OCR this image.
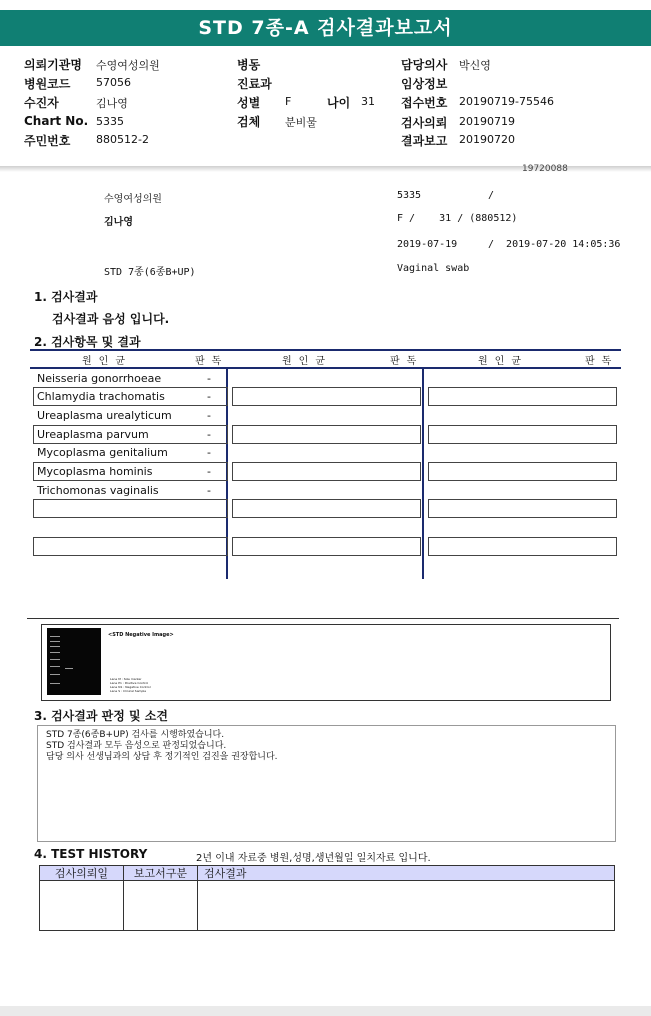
STD 7종-A 검사결과보고서
의뢰기관명 수영여성의원
병원코드 57056
수진자	김나영
Chart No. 5335
주민번호 880512-2
병동
진료과
성별 F	나이 31
검체 분비물
담당의사 박신영
임상정보
접수번호 20190719-75546
검사의뢰 20190719
결과보고 20190720
19720088
수영여성의원	5335	/
김나영	F /    31 / (880512)
2019-07-19	/  2019-07-20 14:05:36
STD 7종(6종B+UP)	Vaginal swab
1. 검사결과
검사결과 음성 입니다.
2. 검사항목 및 결과
원인균	판독	원인균	판독	원인균	판독
Neisseria gonorrhoeae	-
Chlamydia trachomatis	-
Ureaplasma urealyticum	-
Ureaplasma parvum	-
Mycoplasma genitalium	-
Mycoplasma hominis	-
Trichomonas vaginalis	-
<STD Negative Image>
Lane M : Size marker
Lane P1 : Positive Control
Lane N1 : Negative Control
Lane S : Clinical Sample
3. 검사결과 판정 및 소견
STD 7종(6종B+UP) 검사를 시행하였습니다.
STD 검사결과 모두 음성으로 판정되었습니다.
담당 의사 선생님과의 상담 후 정기적인 검진을 권장합니다.
4. TEST HISTORY	2년 이내 자료중 병원,성명,생년월일 일치자료 입니다.
검사의뢰일	보고서구분	검사결과
